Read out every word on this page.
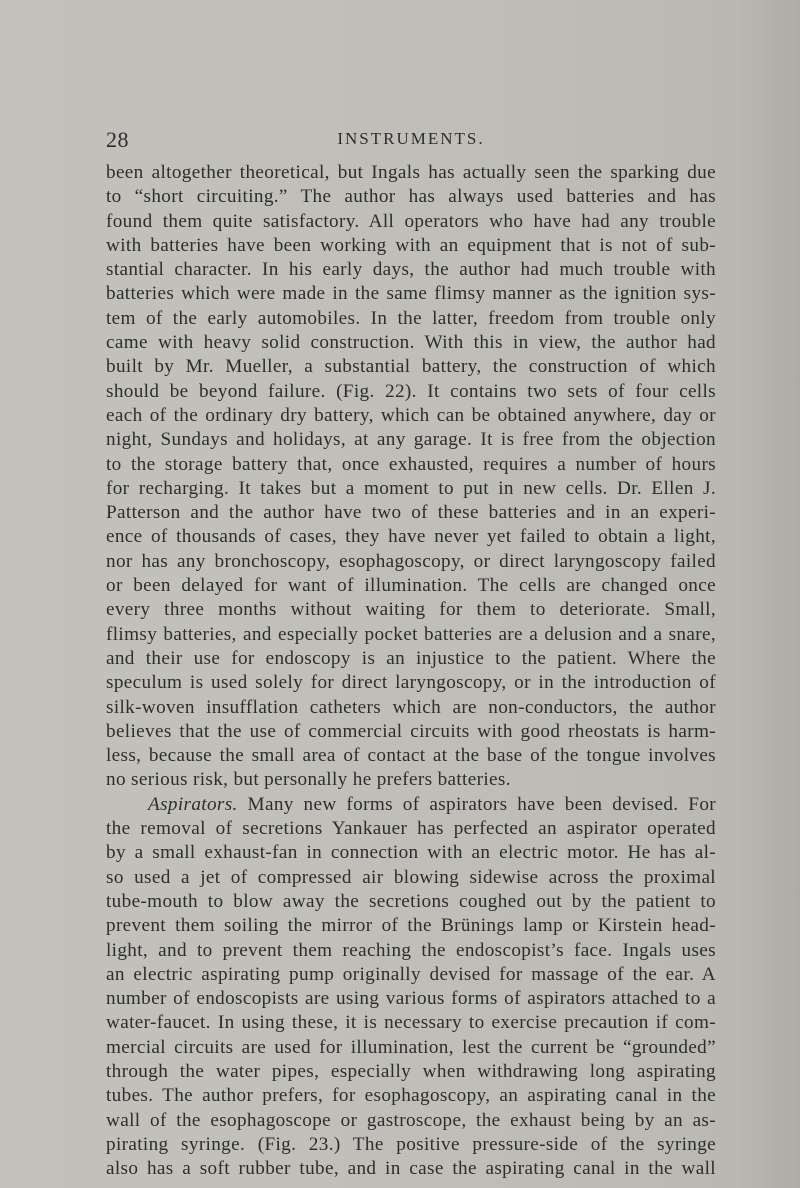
28	INSTRUMENTS.
been altogether theoretical, but Ingals has actually seen the sparking due
to “short circuiting.” The author has always used batteries and has
found them quite satisfactory. All operators who have had any trouble
with batteries have been working with an equipment that is not of sub-
stantial character. In his early days, the author had much trouble with
batteries which were made in the same flimsy manner as the ignition sys-
tem of the early automobiles. In the latter, freedom from trouble only
came with heavy solid construction. With this in view, the author had
built by Mr. Mueller, a substantial battery, the construction of which
should be beyond failure. (Fig. 22). It contains two sets of four cells
each of the ordinary dry battery, which can be obtained anywhere, day or
night, Sundays and holidays, at any garage. It is free from the objection
to the storage battery that, once exhausted, requires a number of hours
for recharging. It takes but a moment to put in new cells. Dr. Ellen J.
Patterson and the author have two of these batteries and in an experi-
ence of thousands of cases, they have never yet failed to obtain a light,
nor has any bronchoscopy, esophagoscopy, or direct laryngoscopy failed
or been delayed for want of illumination. The cells are changed once
every three months without waiting for them to deteriorate. Small,
flimsy batteries, and especially pocket batteries are a delusion and a snare,
and their use for endoscopy is an injustice to the patient. Where the
speculum is used solely for direct laryngoscopy, or in the introduction of
silk-woven insufflation catheters which are non-conductors, the author
believes that the use of commercial circuits with good rheostats is harm-
less, because the small area of contact at the base of the tongue involves
no serious risk, but personally he prefers batteries.
Aspirators. Many new forms of aspirators have been devised. For
the removal of secretions Yankauer has perfected an aspirator operated
by a small exhaust-fan in connection with an electric motor. He has al-
so used a jet of compressed air blowing sidewise across the proximal
tube-mouth to blow away the secretions coughed out by the patient to
prevent them soiling the mirror of the Brünings lamp or Kirstein head-
light, and to prevent them reaching the endoscopist’s face. Ingals uses
an electric aspirating pump originally devised for massage of the ear. A
number of endoscopists are using various forms of aspirators attached to a
water-faucet. In using these, it is necessary to exercise precaution if com-
mercial circuits are used for illumination, lest the current be “grounded”
through the water pipes, especially when withdrawing long aspirating
tubes. The author prefers, for esophagoscopy, an aspirating canal in the
wall of the esophagoscope or gastroscope, the exhaust being by an as-
pirating syringe. (Fig. 23.) The positive pressure-side of the syringe
also has a soft rubber tube, and in case the aspirating canal in the wall
